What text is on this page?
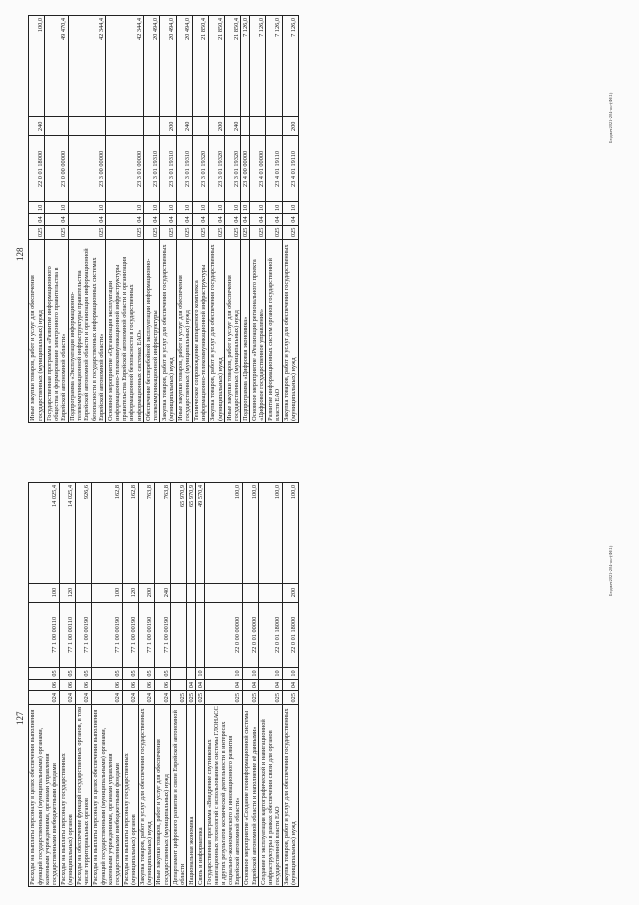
127 Расходы на выплаты персоналу в целях обеспечения выполнения функций государственными (муниципальными) органами, казенными учреждениями, органами управления государственными внебюджетными фондами	024	06	05	77 1 00 00110	100	14 025,4
Расходы на выплаты персоналу государственных (муниципальных) органов	024	06	05	77 1 00 00110	120	14 025,4
Расходы на обеспечение функций государственных органов, в том числе территориальных органов	024	06	05	77 1 00 00190		926,6
Расходы на выплаты персоналу в целях обеспечения выполнения функций государственными (муниципальными) органами, казенными учреждениями, органами управления государственными внебюджетными фондами	024	06	05	77 1 00 00190	100	162,8
Расходы на выплаты персоналу государственных (муниципальных) органов	024	06	05	77 1 00 00190	120	162,8
Закупка товаров, работ и услуг для обеспечения государственных (муниципальных) нужд	024	06	05	77 1 00 00190	200	763,8
Иные закупки товаров, работ и услуг для обеспечения государственных (муниципальных) нужд	024	06	05	77 1 00 00190	240	763,8
Департамент цифрового развития и связи Еврейской автономной области	025					65 970,9
Национальная экономика	025	04				65 970,9
Связь и информатика	025	04	10			49 570,4
Государственная программа «Внедрение спутниковых навигационных технологий с использованием системы ГЛОНАСС и других результатов космической деятельности в интересах социально-экономического и инновационного развития Еврейской автономной области»	025	04	10	22 0 00 00000		100,0
Основное мероприятие «Создание геоинформационной системы Еврейской автономной области и наполнение её данными»	025	04	10	22 0 01 00000		100,0
Создание и эксплуатация картографической и навигационной инфраструктуры в рамках обеспечения связи для органов государственной власти ЕАО	025	04	10	22 0 01 18000		100,0
Закупка товаров, работ и услуг для обеспечения государственных (муниципальных) нужд	025	04	10	22 0 01 18000	200	100,0
Бюджет2021-204-нн-(ФЕ1)
128
Иные закупки товаров, работ и услуг для обеспечения государственных (муниципальных) нужд	025	04	10	22 0 01 18000	240	100,0
Государственная программа «Развитие информационного общества и формирование электронного правительства в Еврейской автономной области»	025	04	10	23 0 00 00000		49 470,4
Подпрограмма «Эксплуатация информационно-телекоммуникационной инфраструктуры правительства Еврейской автономной области и организация информационной безопасности в государственных информационных системах Еврейской автономной области»	025	04	10	23 3 00 00000		42 344,4
Основное мероприятие «Организация эксплуатации информационно-телекоммуникационной инфраструктуры правительства Еврейской автономной области и организация информационной безопасности в государственных информационных системах ЕАО»	025	04	10	23 3 01 00000		42 344,4
Обеспечение бесперебойной эксплуатации информационно-телекоммуникационной инфраструктуры	025	04	10	23 3 01 19310		20 494,0
Закупка товаров, работ и услуг для обеспечения государственных (муниципальных) нужд	025	04	10	23 3 01 19310	200	20 494,0
Иные закупки товаров, работ и услуг для обеспечения государственных (муниципальных) нужд	025	04	10	23 3 01 19310	240	20 494,0
Техническое сопровождение аппаратного комплекса информационно-телекоммуникационной инфраструктуры	025	04	10	23 3 01 19320		21 850,4
Закупка товаров, работ и услуг для обеспечения государственных (муниципальных) нужд	025	04	10	23 3 01 19320	200	21 850,4
Иные закупки товаров, работ и услуг для обеспечения государственных (муниципальных) нужд	025	04	10	23 3 01 19320	240	21 850,4
Подпрограмма «Цифровая экономика»	025	04	10	23 4 00 00000		7 126,0
Основное мероприятие «Реализация регионального проекта «Цифровое государственное управление»	025	04	10	23 4 01 00000		7 126,0
Развитие информационных систем органов государственной власти ЕАО	025	04	10	23 4 01 19110		7 126,0
Закупка товаров, работ и услуг для обеспечения государственных (муниципальных) нужд	025	04	10	23 4 01 19110	200	7 126,0
Бюджет2021-204-нн-(ФЕ1)
